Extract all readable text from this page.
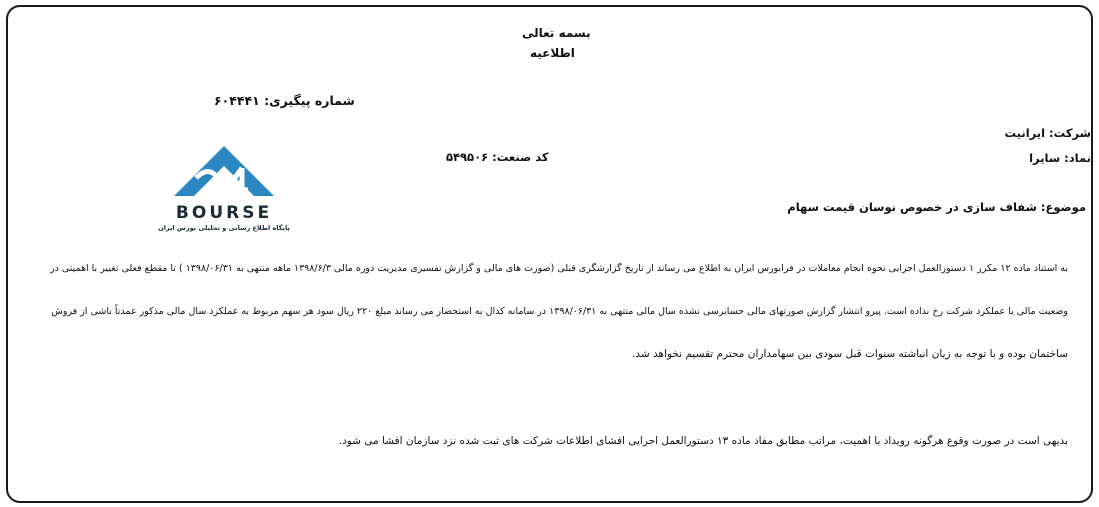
بسمه تعالی
اطلاعیه
شماره پیگیری: ۶۰۴۴۴۱
شرکت: ایرانیت
نماد: سایرا
کد صنعت: ۵۴۹۵۰۶
موضوع: شفاف سازی در خصوص نوسان قیمت سهام
BOURSE
پایگاه اطلاع رسانی و تحلیلی بورس ایران
به استناد ماده ۱۲ مکرر ۱ دستورالعمل اجرایی نحوه انجام معاملات در فرابورس ایران به اطلاع می رساند از تاریخ گزارشگری قبلی (صورت های مالی و گزارش تفسیری مدیریت دوره مالی ۱۳۹۸/۶/۳ ماهه منتهی به ۱۳۹۸/۰۶/۳۱ ) تا مقطع فعلی تغییر با اهمیتی در
وضعیت مالی یا عملکرد شرکت رخ نداده است. پیرو انتشار گزارش صورتهای مالی حسابرسی نشده سال مالی منتهی به ۱۳۹۸/۰۶/۳۱ در سامانه کدال به استحضار می رساند مبلغ ۲۲۰ ریال سود هر سهم مربوط به عملکرد سال مالی مذکور عمدتاً ناشی از فروش
ساختمان بوده و با توجه به زیان انباشته سنوات قبل سودی بین سهامداران محترم تقسیم نخواهد شد.
بدیهی است در صورت وقوع هرگونه رویداد با اهمیت، مراتب مطابق مفاد ماده ۱۳ دستورالعمل اجرایی افشای اطلاعات شرکت های ثبت شده نزد سازمان افشا می شود.
